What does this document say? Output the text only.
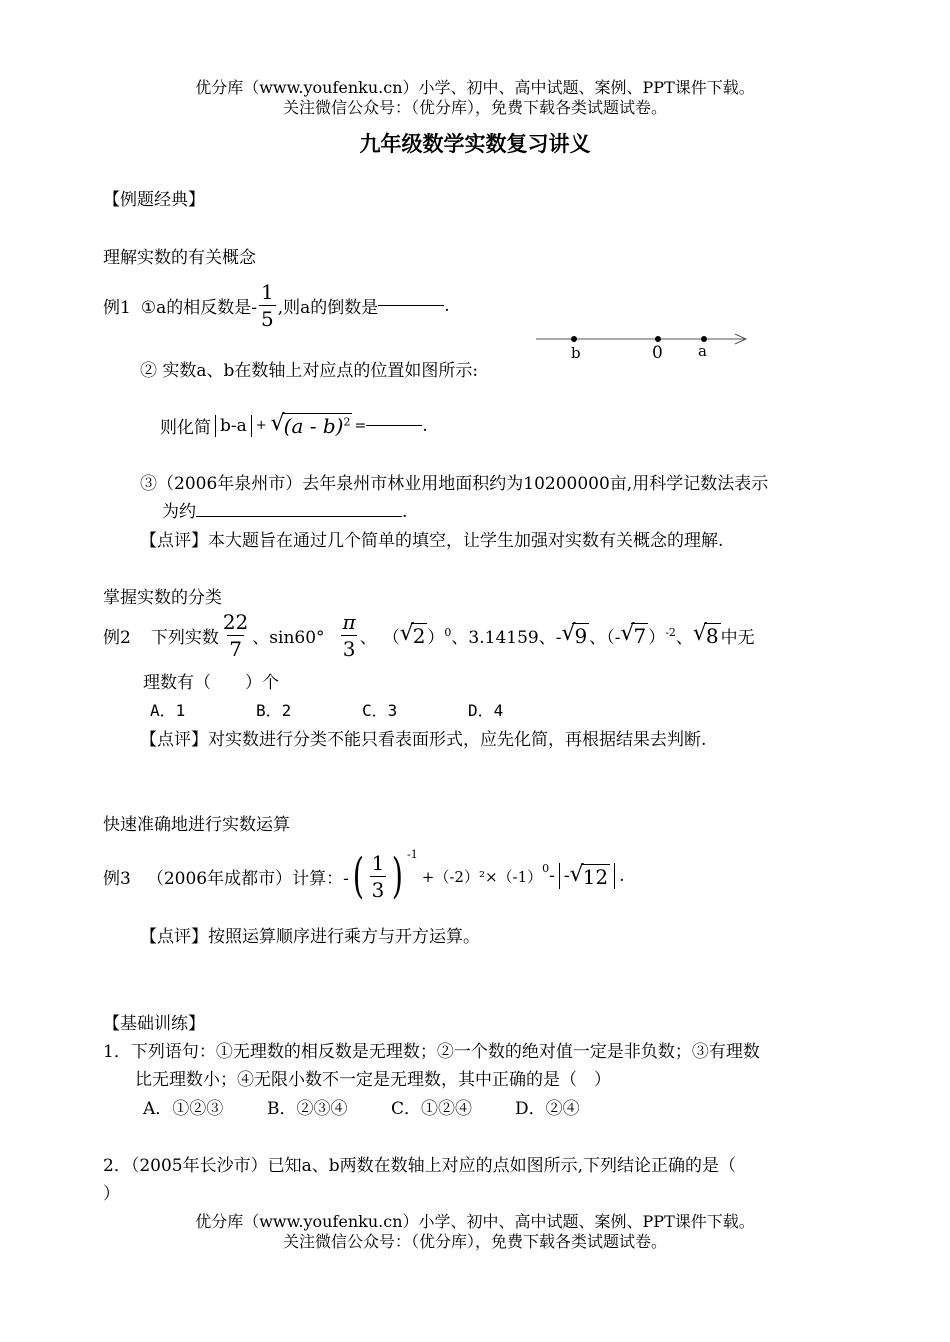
优分库（www.youfenku.cn）小学、初中、高中试题、案例、PPT课件下载。
关注微信公众号：（优分库），免费下载各类试题试卷。
九年级数学实数复习讲义
【例题经典】
理解实数的有关概念
例1 ①a的相反数是- $\frac{1}{5}$ ,则a的倒数是	.
b	0 a
② 实数a、b在数轴上对应点的位置如图所示:
则化简 b-a + √
(a - b)$^2$ =	.
③（2006年泉州市）去年泉州市林业用地面积约为10200000亩,用科学记数法表示
为约	.
【点评】本大题旨在通过几个简单的填空，让学生加强对实数有关概念的理解.
掌握实数的分类
例2 下列实数 $\frac{22}{7}$ 、$\sin 60^\circ \frac{\pi}{3}$ 、 （ √
2 ） 0 、3.14159、- √
9 、（- √
7 ） -2 、 √
8 中无
理数有（　　）个
A．1	B．2	C．3	D．4
【点评】对实数进行分类不能只看表面形式，应先化简，再根据结果去判断.
快速准确地进行实数运算
例3 （2006年成都市）计算：- ( $\frac{1}{3}$ ) $^{-1}$
$+(-2)^2\times(-1)^0$ - - √
12 .
【点评】按照运算顺序进行乘方与开方运算。
【基础训练】
1．下列语句：①无理数的相反数是无理数；②一个数的绝对值一定是非负数；③有理数
比无理数小；④无限小数不一定是无理数，其中正确的是（　）
A．①②③	B．②③④	C．①②④	D．②④
2．（2005年长沙市）已知a、b两数在数轴上对应的点如图所示,下列结论正确的是（
）
优分库（www.youfenku.cn）小学、初中、高中试题、案例、PPT课件下载。
关注微信公众号：（优分库），免费下载各类试题试卷。
